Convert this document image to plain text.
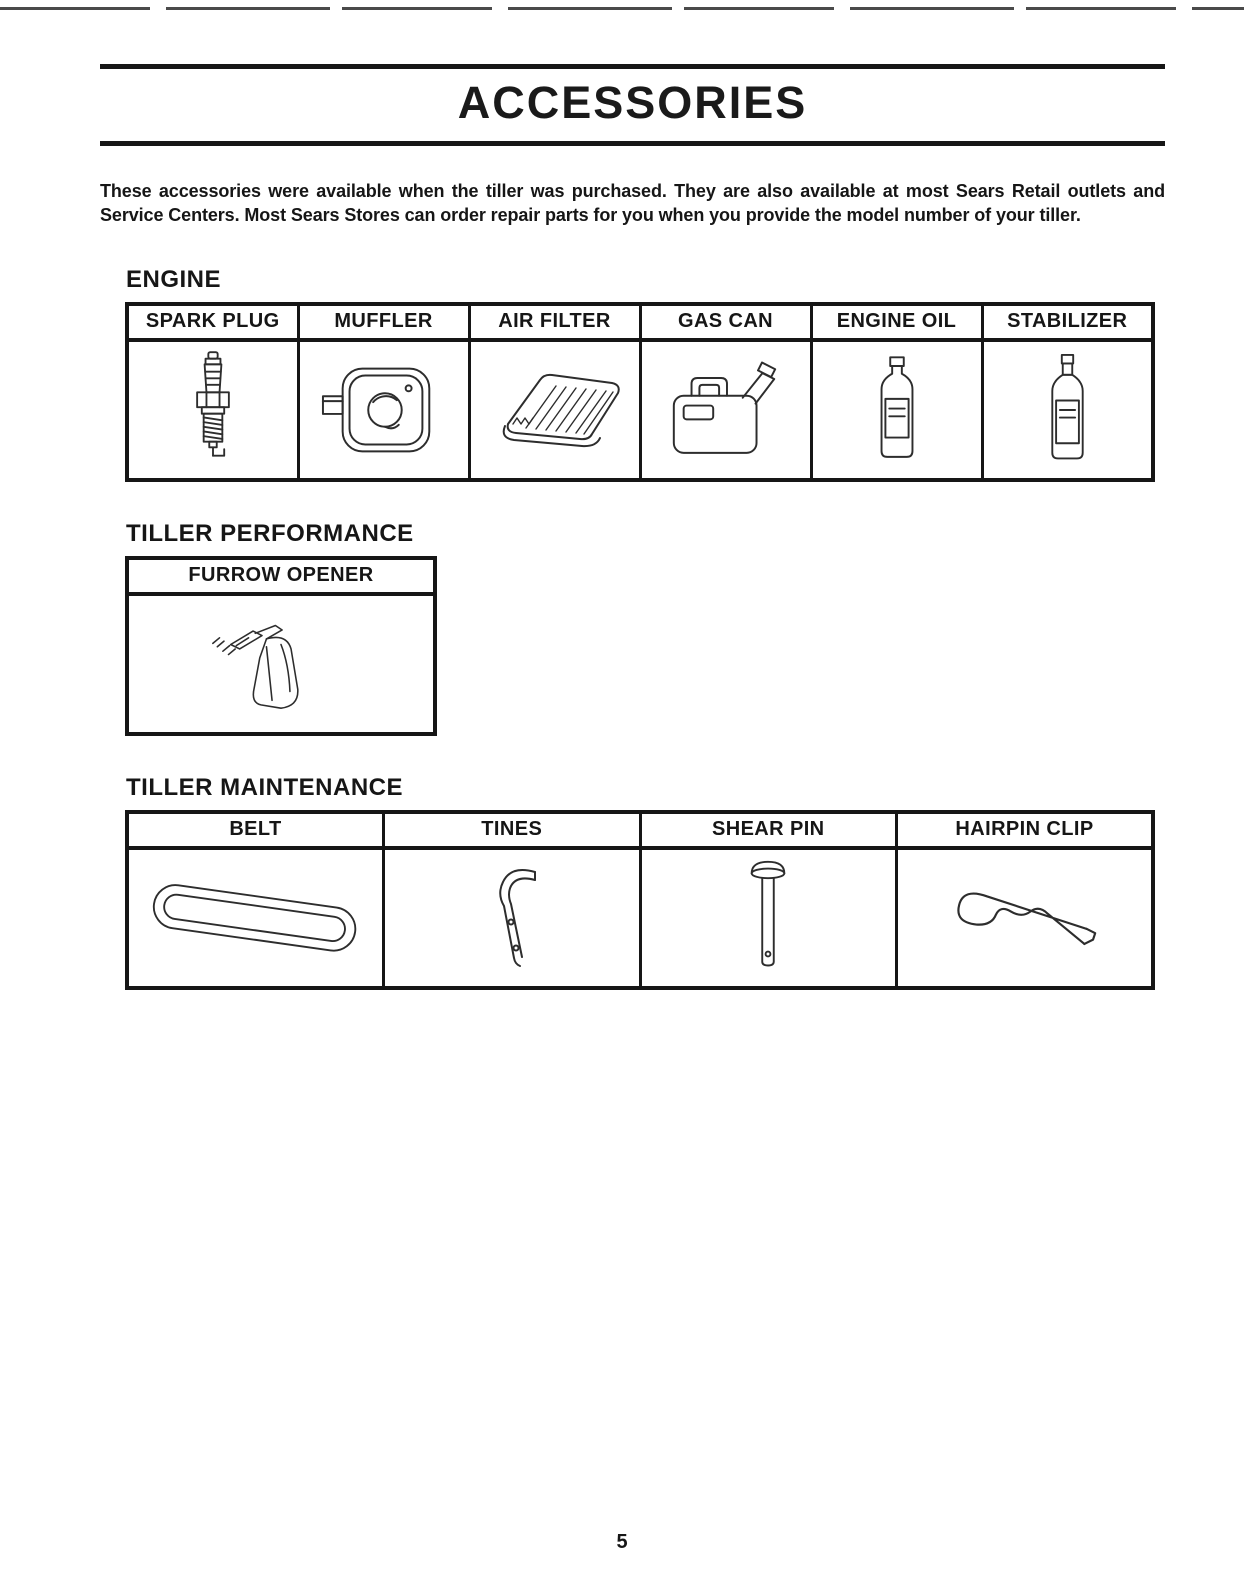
ACCESSORIES

These accessories were available when the tiller was purchased. They are also available at most Sears Retail outlets and Service Centers. Most Sears Stores can order repair parts for you when you provide the model number of your tiller.

ENGINE
SPARK PLUG	MUFFLER	AIR FILTER	GAS CAN	ENGINE OIL	STABILIZER

TILLER PERFORMANCE
FURROW OPENER

TILLER MAINTENANCE
BELT	TINES	SHEAR PIN	HAIRPIN CLIP

5
